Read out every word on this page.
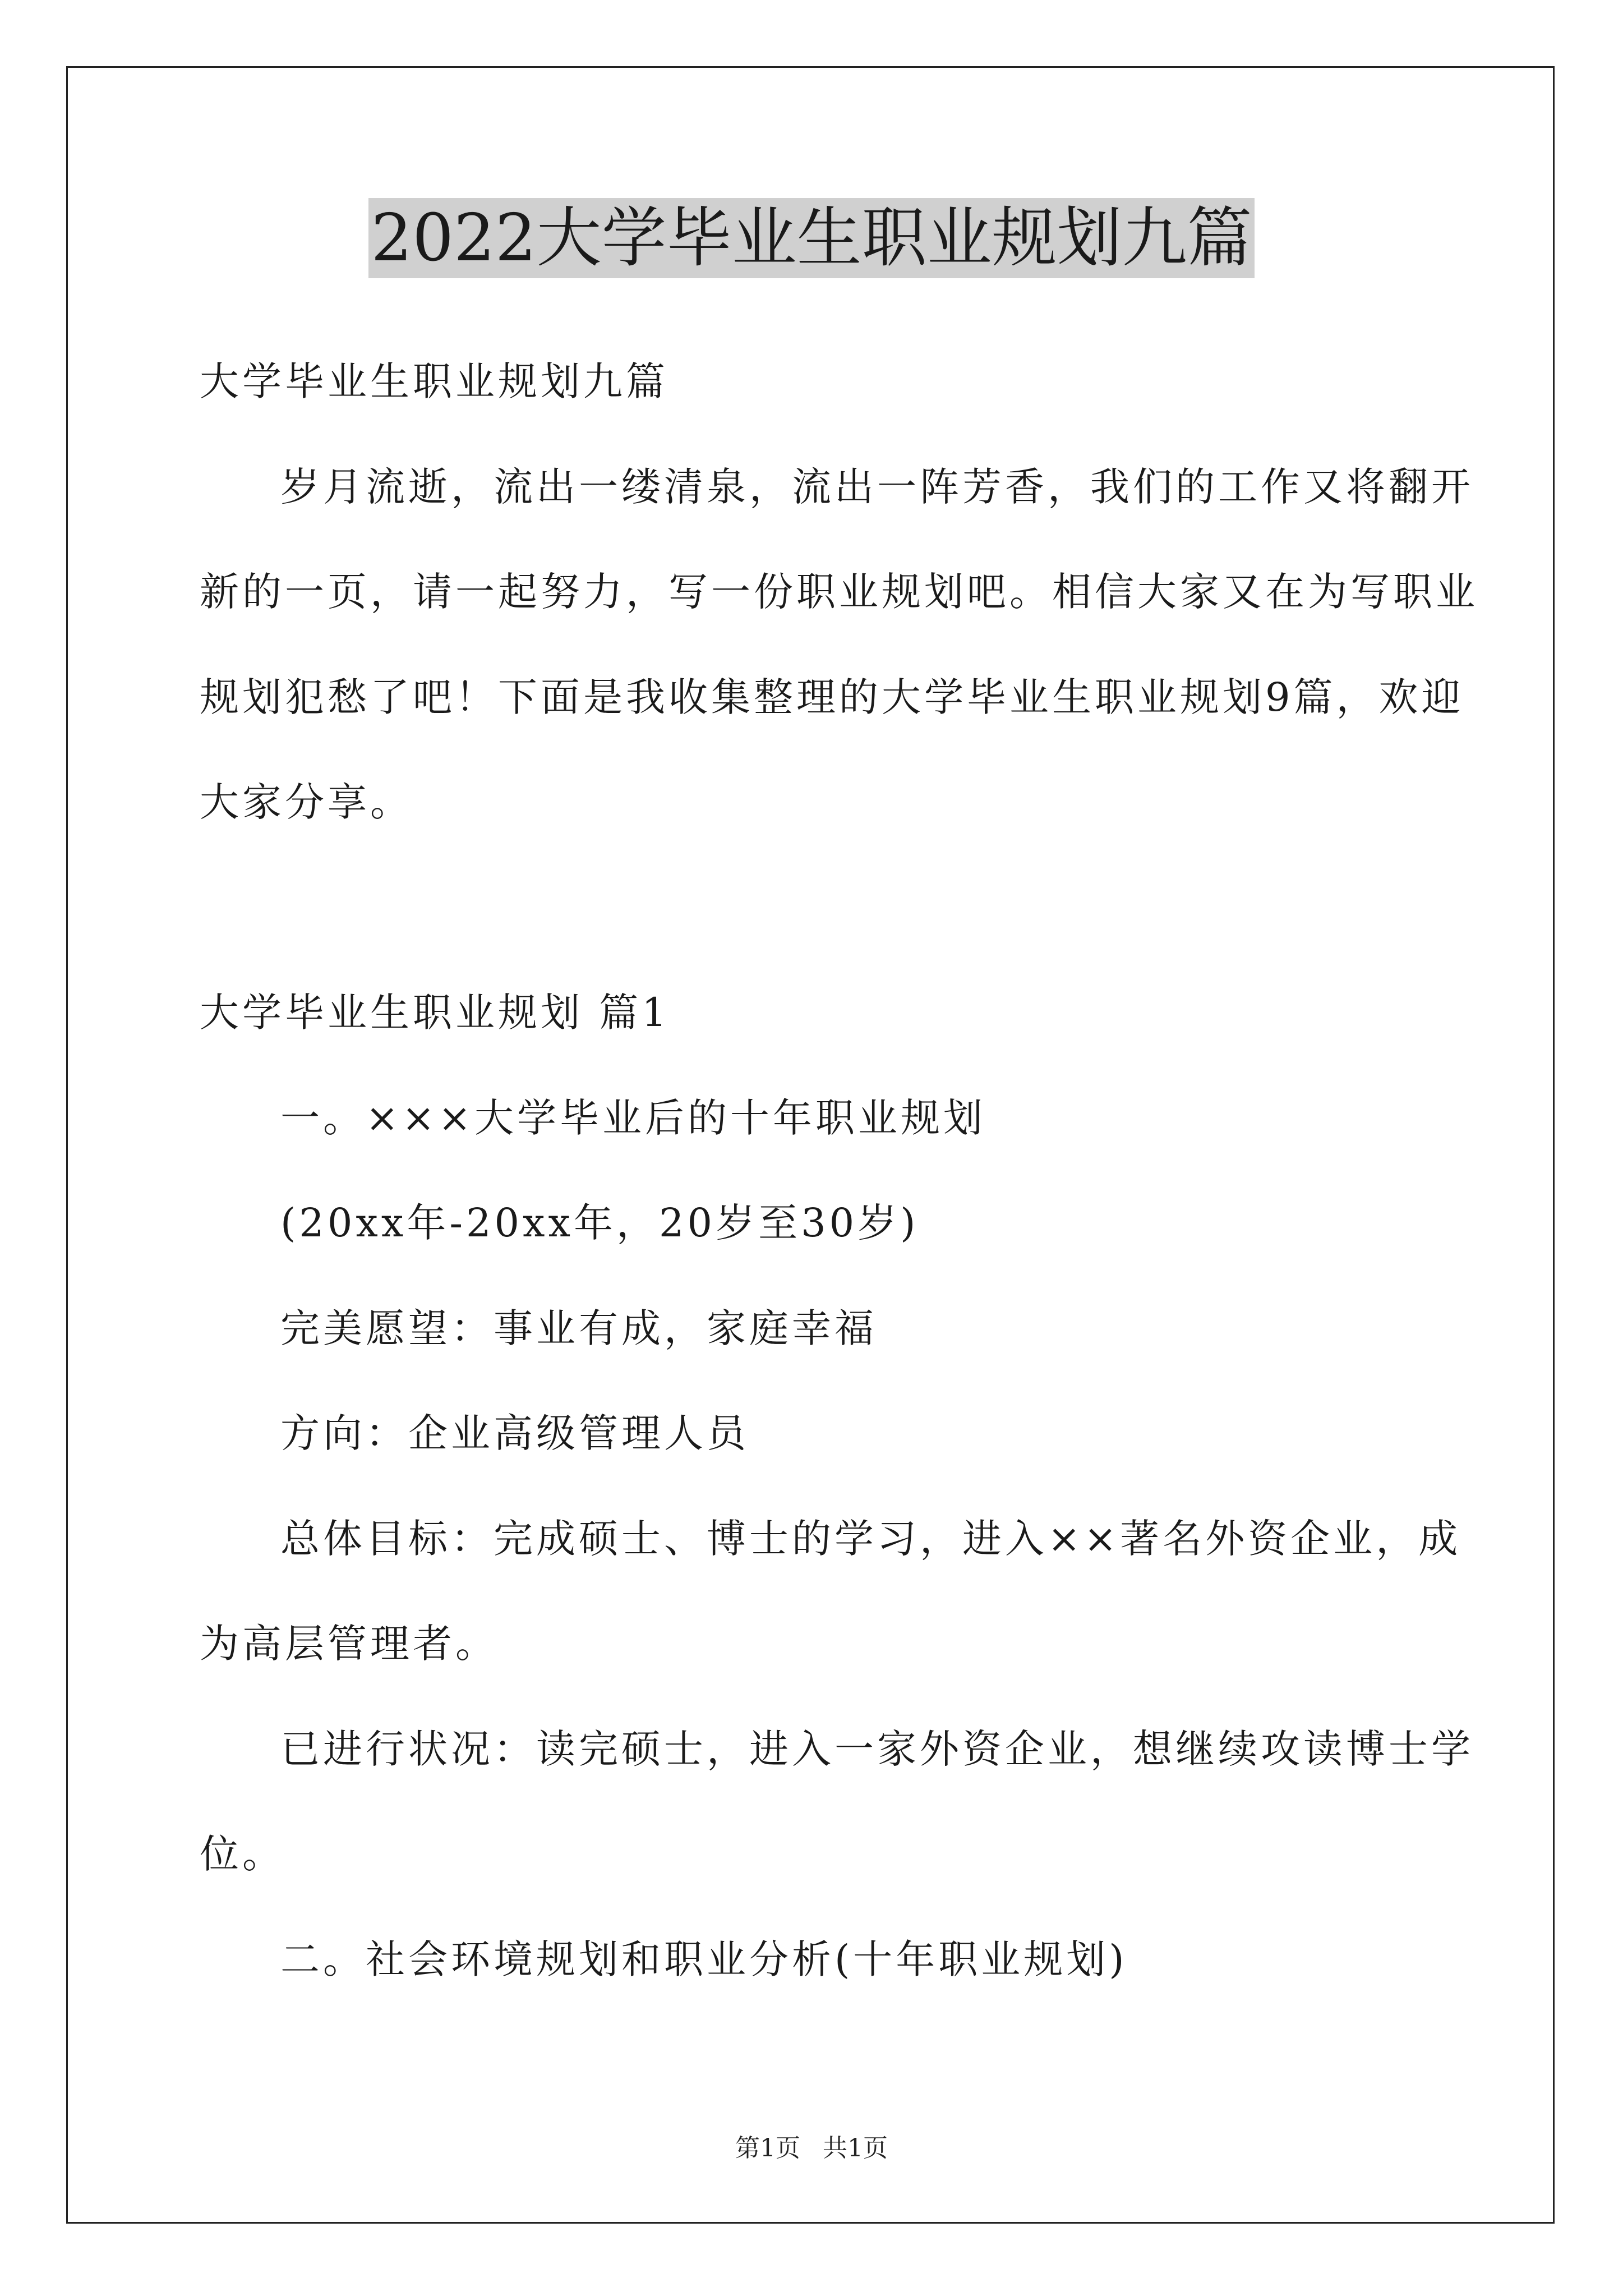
2022大学毕业生职业规划九篇
大学毕业生职业规划九篇
岁月流逝，流出一缕清泉，流出一阵芳香，我们的工作又将翻开
新的一页，请一起努力，写一份职业规划吧。相信大家又在为写职业
规划犯愁了吧！下面是我收集整理的大学毕业生职业规划9篇，欢迎
大家分享。
大学毕业生职业规划 篇1
一。×××大学毕业后的十年职业规划
(20xx年-20xx年，20岁至30岁)
完美愿望：事业有成，家庭幸福
方向：企业高级管理人员
总体目标：完成硕士、博士的学习，进入××著名外资企业，成
为高层管理者。
已进行状况：读完硕士，进入一家外资企业，想继续攻读博士学
位。
二。社会环境规划和职业分析(十年职业规划)
第1页 共1页
